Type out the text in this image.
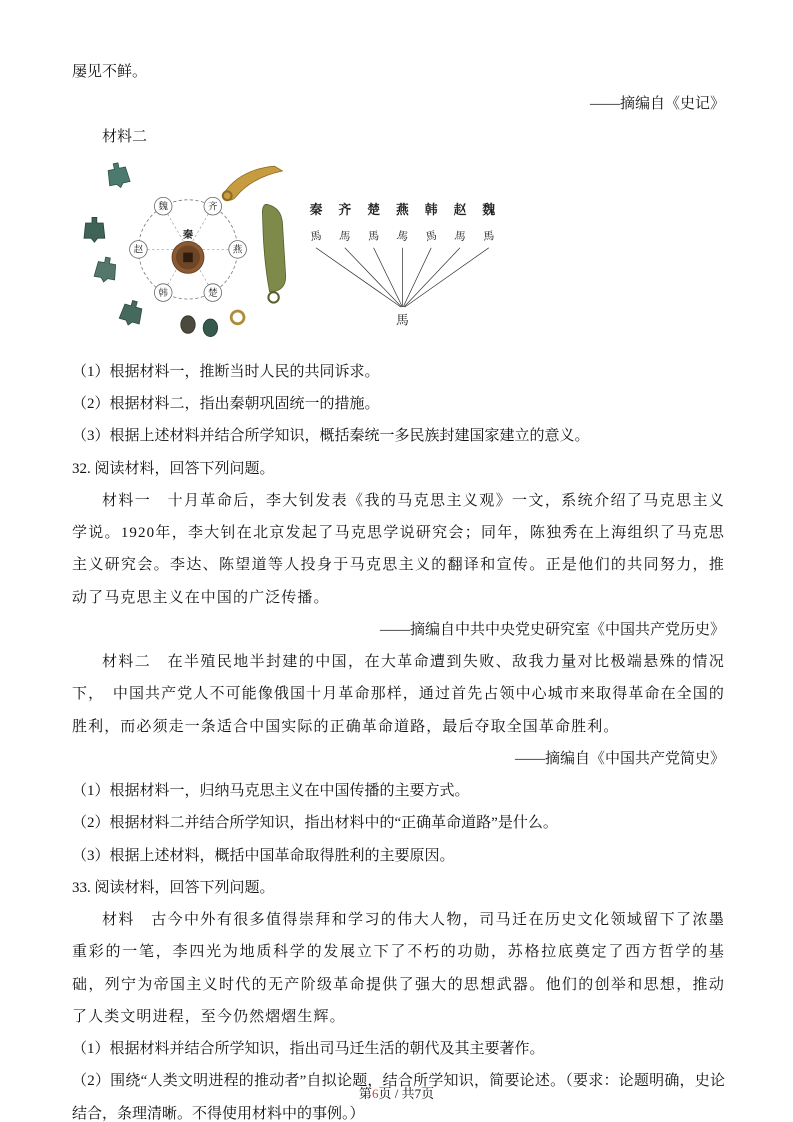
屡见不鲜。

——摘编自《史记》

材料二

秦
齐
魏
赵
韩	楚
燕
秦 齐 楚 燕 韩 赵 魏
馬 馬 馬 馬 馬 馬 馬
馬

（1）根据材料一，推断当时人民的共同诉求。

（2）根据材料二，指出秦朝巩固统一的措施。

（3）根据上述材料并结合所学知识，概括秦统一多民族封建国家建立的意义。

32. 阅读材料，回答下列问题。

材料一　十月革命后，李大钊发表《我的马克思主义观》一文，系统介绍了马克思主义学说。1920年，李大钊在北京发起了马克思学说研究会；同年，陈独秀在上海组织了马克思主义研究会。李达、陈望道等人投身于马克思主义的翻译和宣传。正是他们的共同努力，推动了马克思主义在中国的广泛传播。

——摘编自中共中央党史研究室《中国共产党历史》

材料二　在半殖民地半封建的中国，在大革命遭到失败、敌我力量对比极端悬殊的情况下，　中国共产党人不可能像俄国十月革命那样，通过首先占领中心城市来取得革命在全国的胜利，而必须走一条适合中国实际的正确革命道路，最后夺取全国革命胜利。

——摘编自《中国共产党简史》

（1）根据材料一，归纳马克思主义在中国传播的主要方式。

（2）根据材料二并结合所学知识，指出材料中的“正确革命道路”是什么。

（3）根据上述材料，概括中国革命取得胜利的主要原因。

33. 阅读材料，回答下列问题。

材料　古今中外有很多值得崇拜和学习的伟大人物，司马迁在历史文化领域留下了浓墨重彩的一笔，李四光为地质科学的发展立下了不朽的功勋，苏格拉底奠定了西方哲学的基础，列宁为帝国主义时代的无产阶级革命提供了强大的思想武器。他们的创举和思想，推动了人类文明进程，至今仍然熠熠生辉。

（1）根据材料并结合所学知识，指出司马迁生活的朝代及其主要著作。

（2）围绕“人类文明进程的推动者”自拟论题，结合所学知识，简要论述。（要求：论题明确，史论结合，条理清晰。不得使用材料中的事例。）

第6页 / 共7页
